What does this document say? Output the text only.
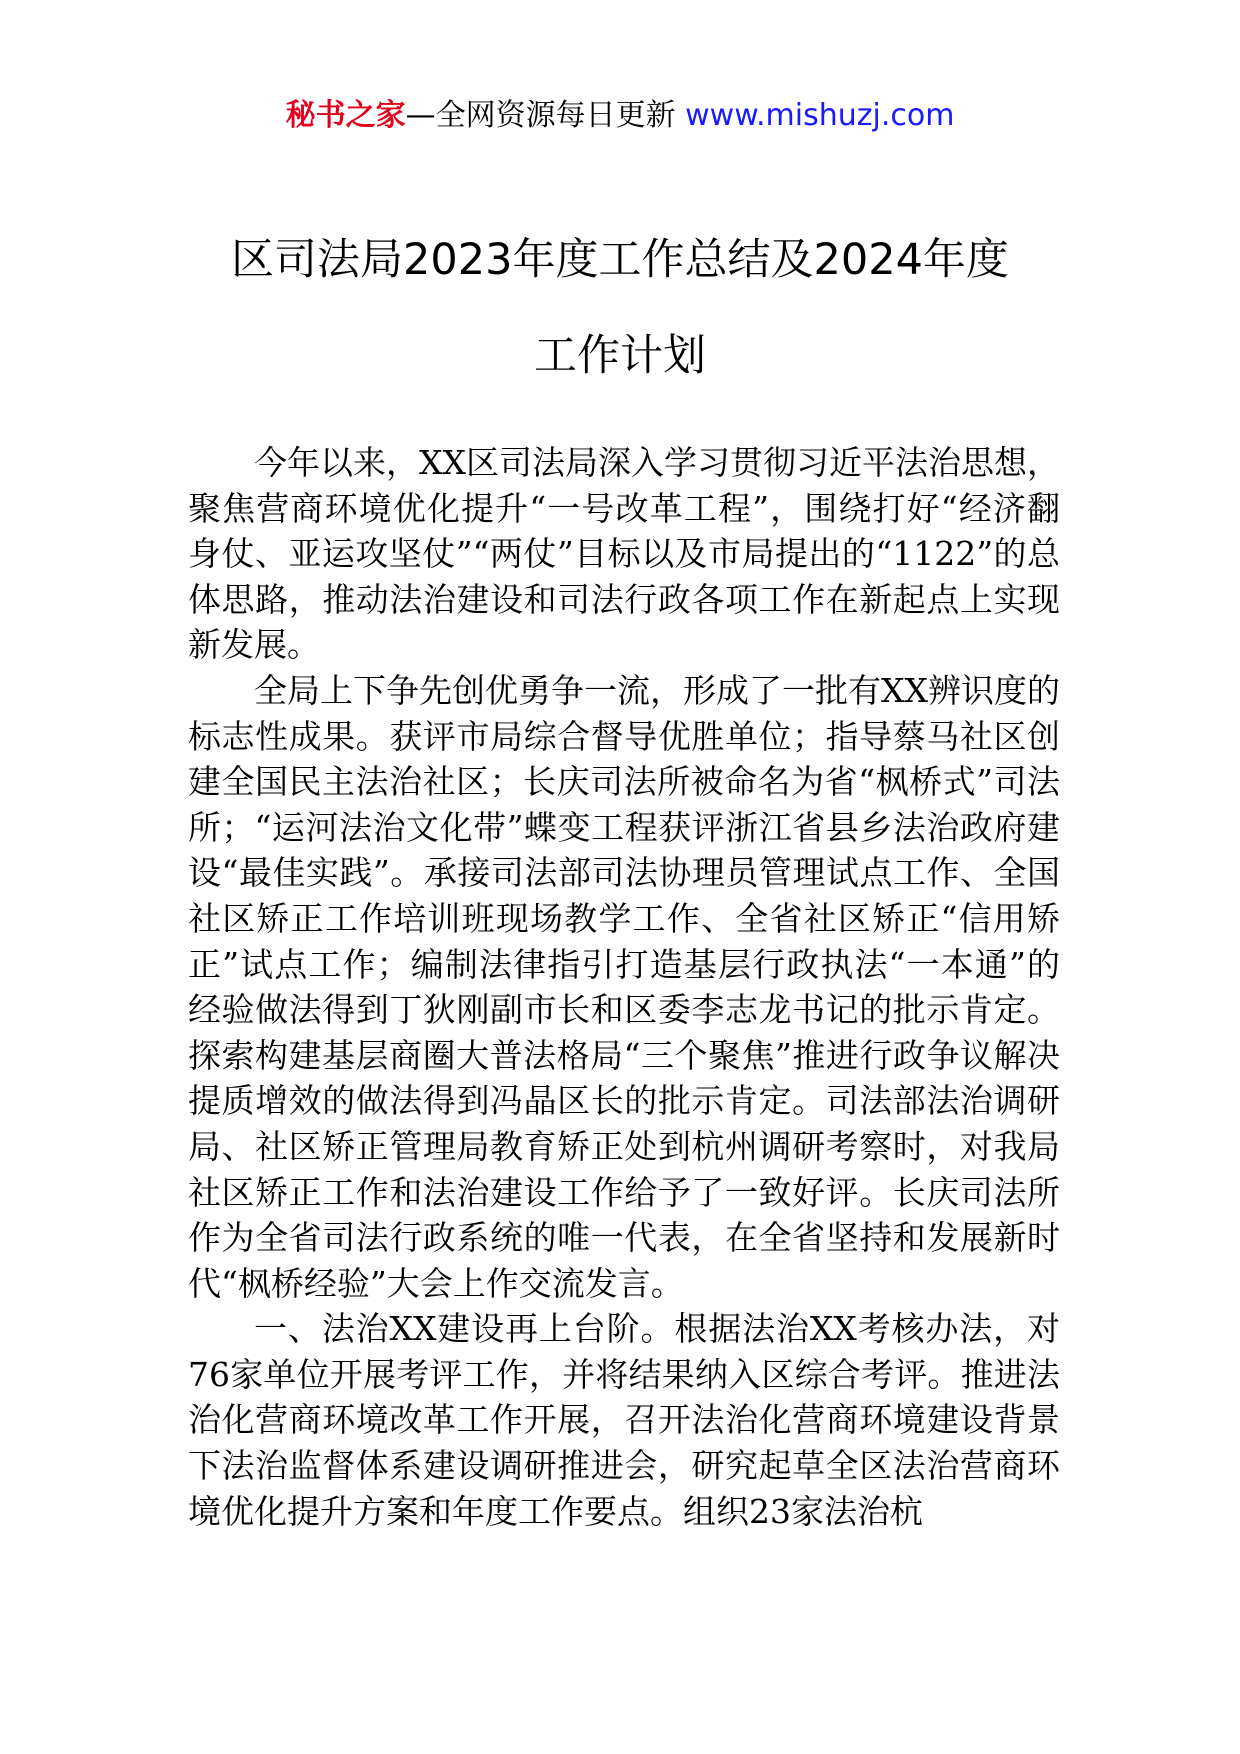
秘书之家—全网资源每日更新 www.mishuzj.com
区司法局2023年度工作总结及2024年度
工作计划

今年以来，XX区司法局深入学习贯彻习近平法治思想，聚焦营商环境优化提升“一号改革工程”，围绕打好“经济翻身仗、亚运攻坚仗”“两仗”目标以及市局提出的“1122”的总体思路，推动法治建设和司法行政各项工作在新起点上实现新发展。

全局上下争先创优勇争一流，形成了一批有XX辨识度的标志性成果。获评市局综合督导优胜单位；指导蔡马社区创建全国民主法治社区；长庆司法所被命名为省“枫桥式”司法所；“运河法治文化带”蝶变工程获评浙江省县乡法治政府建设“最佳实践”。承接司法部司法协理员管理试点工作、全国社区矫正工作培训班现场教学工作、全省社区矫正“信用矫正”试点工作；编制法律指引打造基层行政执法“一本通”的经验做法得到丁狄刚副市长和区委李志龙书记的批示肯定。探索构建基层商圈大普法格局“三个聚焦”推进行政争议解决提质增效的做法得到冯晶区长的批示肯定。司法部法治调研局、社区矫正管理局教育矫正处到杭州调研考察时，对我局社区矫正工作和法治建设工作给予了一致好评。长庆司法所作为全省司法行政系统的唯一代表，在全省坚持和发展新时代“枫桥经验”大会上作交流发言。

一、法治XX建设再上台阶。根据法治XX考核办法，对76家单位开展考评工作，并将结果纳入区综合考评。推进法治化营商环境改革工作开展，召开法治化营商环境建设背景下法治监督体系建设调研推进会，研究起草全区法治营商环境优化提升方案和年度工作要点。组织23家法治杭
